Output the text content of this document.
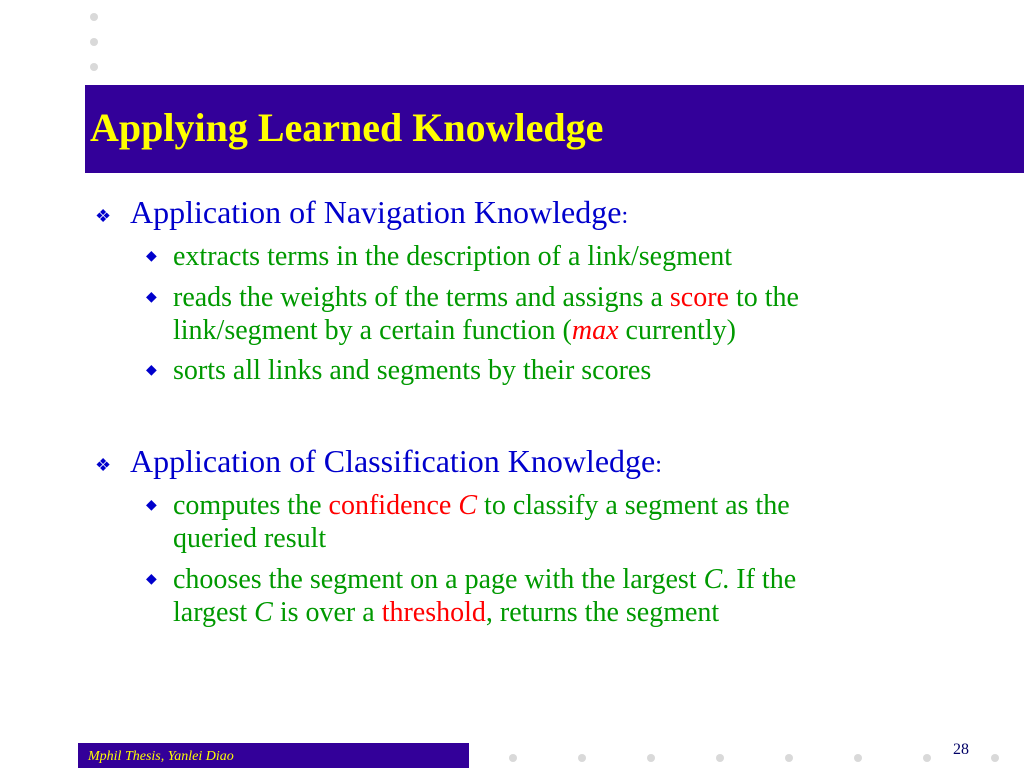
Applying Learned Knowledge
❖ Application of Navigation Knowledge:
◆ extracts terms in the description of a link/segment
◆ reads the weights of the terms and assigns a score to the
link/segment by a certain function (max currently)
◆ sorts all links and segments by their scores
❖ Application of Classification Knowledge:
◆ computes the confidence C to classify a segment as the
queried result
◆ chooses the segment on a page with the largest C. If the
largest C is over a threshold, returns the segment
Mphil Thesis, Yanlei Diao	28
